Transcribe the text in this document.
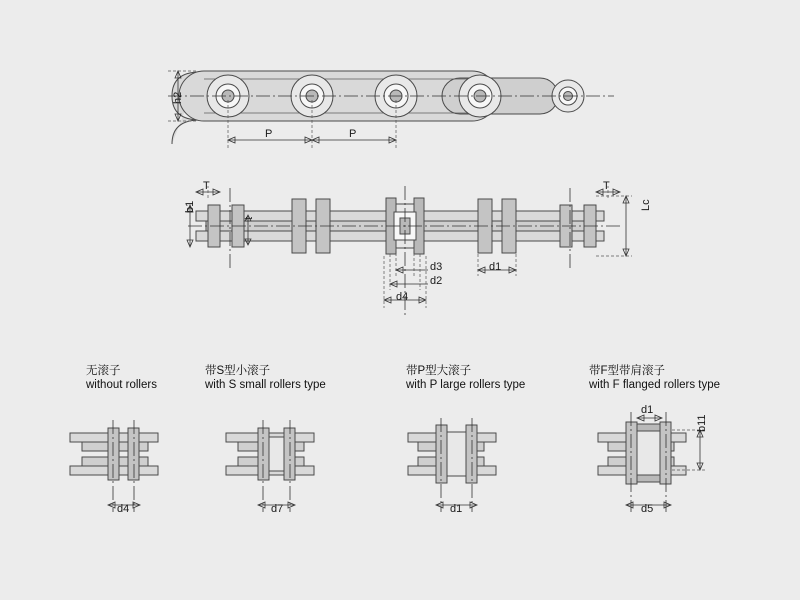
h2
P	P
T	T
b1
t
Lc
d3
d2
d4
d1
无滚子
without rollers
带S型小滚子
with S small rollers type
带P型大滚子
with P large rollers type
带F型带肩滚子
with F flanged rollers type
d4	d7	d1
d1
b11
d5
